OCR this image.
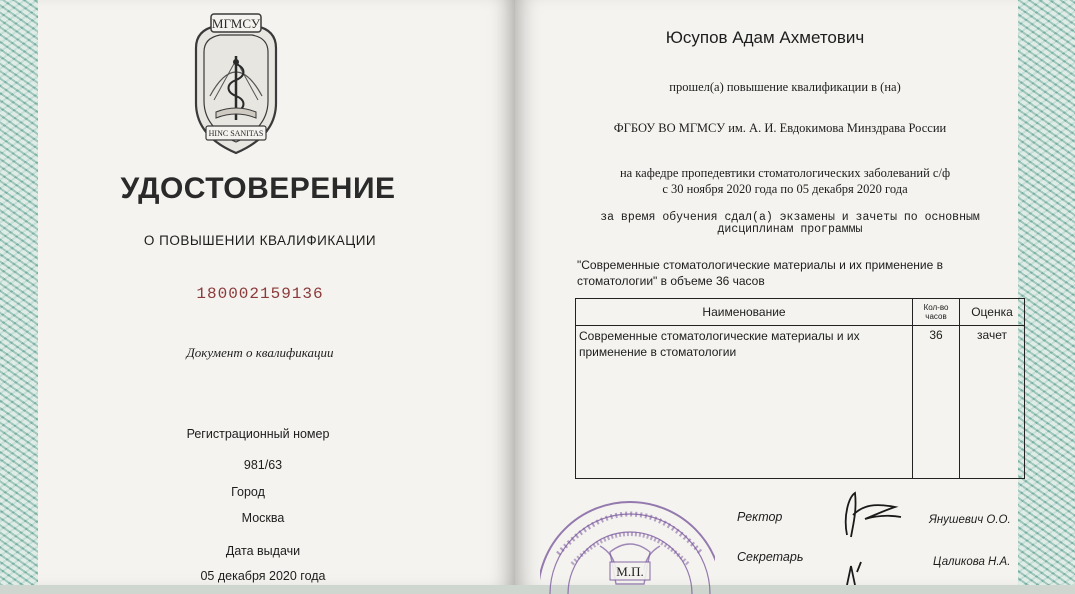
МГМСУ
HINC SANITAS
УДОСТОВЕРЕНИЕ
О ПОВЫШЕНИИ КВАЛИФИКАЦИИ
180002159136
Документ о квалификации
Регистрационный номер
981/63
Город
Москва
Дата выдачи
05 декабря 2020 года
Юсупов Адам Ахметович
прошел(а) повышение квалификации в (на)
ФГБОУ ВО МГМСУ им. А. И. Евдокимова Минздрава России
на кафедре пропедевтики стоматологических заболеваний с/ф
с 30 ноября 2020 года по 05 декабря 2020 года
за время обучения сдал(а) экзамены и зачеты по основным дисциплинам программы
"Современные стоматологические материалы и их применение в стоматологии" в объеме 36 часов
Наименование	Кол-во часов	Оценка
Современные стоматологические материалы и их применение в стоматологии	36	зачет
М.П.
Ректор
Секретарь
Янушевич О.О.
Цаликова Н.А.
